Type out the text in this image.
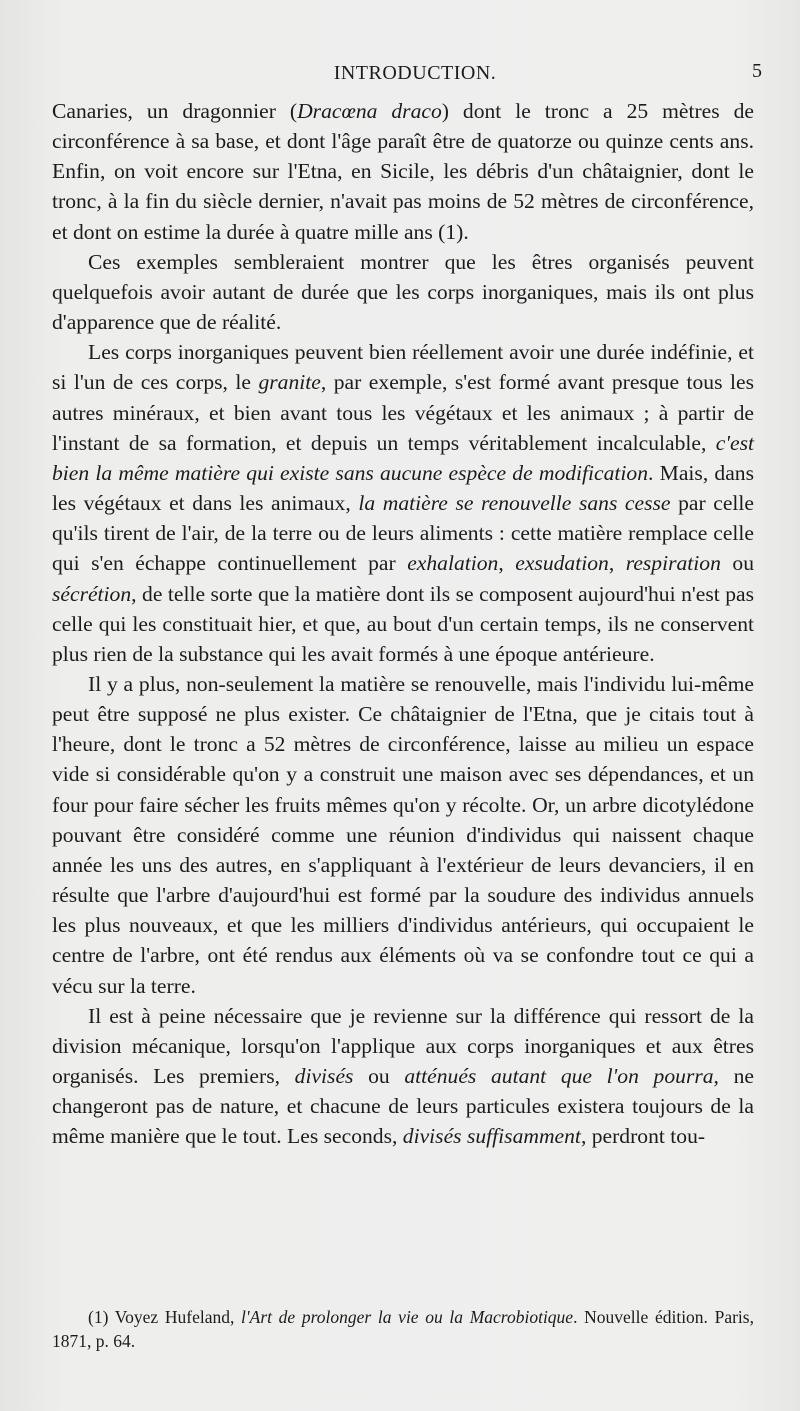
INTRODUCTION.	5

Canaries, un dragonnier (Dracœna draco) dont le tronc a 25 mètres de circonférence à sa base, et dont l'âge paraît être de quatorze ou quinze cents ans. Enfin, on voit encore sur l'Etna, en Sicile, les débris d'un châtaignier, dont le tronc, à la fin du siècle dernier, n'avait pas moins de 52 mètres de circonférence, et dont on estime la durée à quatre mille ans (1).

Ces exemples sembleraient montrer que les êtres organisés peuvent quelquefois avoir autant de durée que les corps inorganiques, mais ils ont plus d'apparence que de réalité.

Les corps inorganiques peuvent bien réellement avoir une durée indéfinie, et si l'un de ces corps, le granite, par exemple, s'est formé avant presque tous les autres minéraux, et bien avant tous les végétaux et les animaux ; à partir de l'instant de sa formation, et depuis un temps véritablement incalculable, c'est bien la même matière qui existe sans aucune espèce de modification. Mais, dans les végétaux et dans les animaux, la matière se renouvelle sans cesse par celle qu'ils tirent de l'air, de la terre ou de leurs aliments : cette matière remplace celle qui s'en échappe continuellement par exhalation, exsudation, respiration ou sécrétion, de telle sorte que la matière dont ils se composent aujourd'hui n'est pas celle qui les constituait hier, et que, au bout d'un certain temps, ils ne conservent plus rien de la substance qui les avait formés à une époque antérieure.

Il y a plus, non-seulement la matière se renouvelle, mais l'individu lui-même peut être supposé ne plus exister. Ce châtaignier de l'Etna, que je citais tout à l'heure, dont le tronc a 52 mètres de circonférence, laisse au milieu un espace vide si considérable qu'on y a construit une maison avec ses dépendances, et un four pour faire sécher les fruits mêmes qu'on y récolte. Or, un arbre dicotylédone pouvant être considéré comme une réunion d'individus qui naissent chaque année les uns des autres, en s'appliquant à l'extérieur de leurs devanciers, il en résulte que l'arbre d'aujourd'hui est formé par la soudure des individus annuels les plus nouveaux, et que les milliers d'individus antérieurs, qui occupaient le centre de l'arbre, ont été rendus aux éléments où va se confondre tout ce qui a vécu sur la terre.

Il est à peine nécessaire que je revienne sur la différence qui ressort de la division mécanique, lorsqu'on l'applique aux corps inorganiques et aux êtres organisés. Les premiers, divisés ou atténués autant que l'on pourra, ne changeront pas de nature, et chacune de leurs particules existera toujours de la même manière que le tout. Les seconds, divisés suffisamment, perdront tou-

(1) Voyez Hufeland, l'Art de prolonger la vie ou la Macrobiotique. Nouvelle édition. Paris, 1871, p. 64.
